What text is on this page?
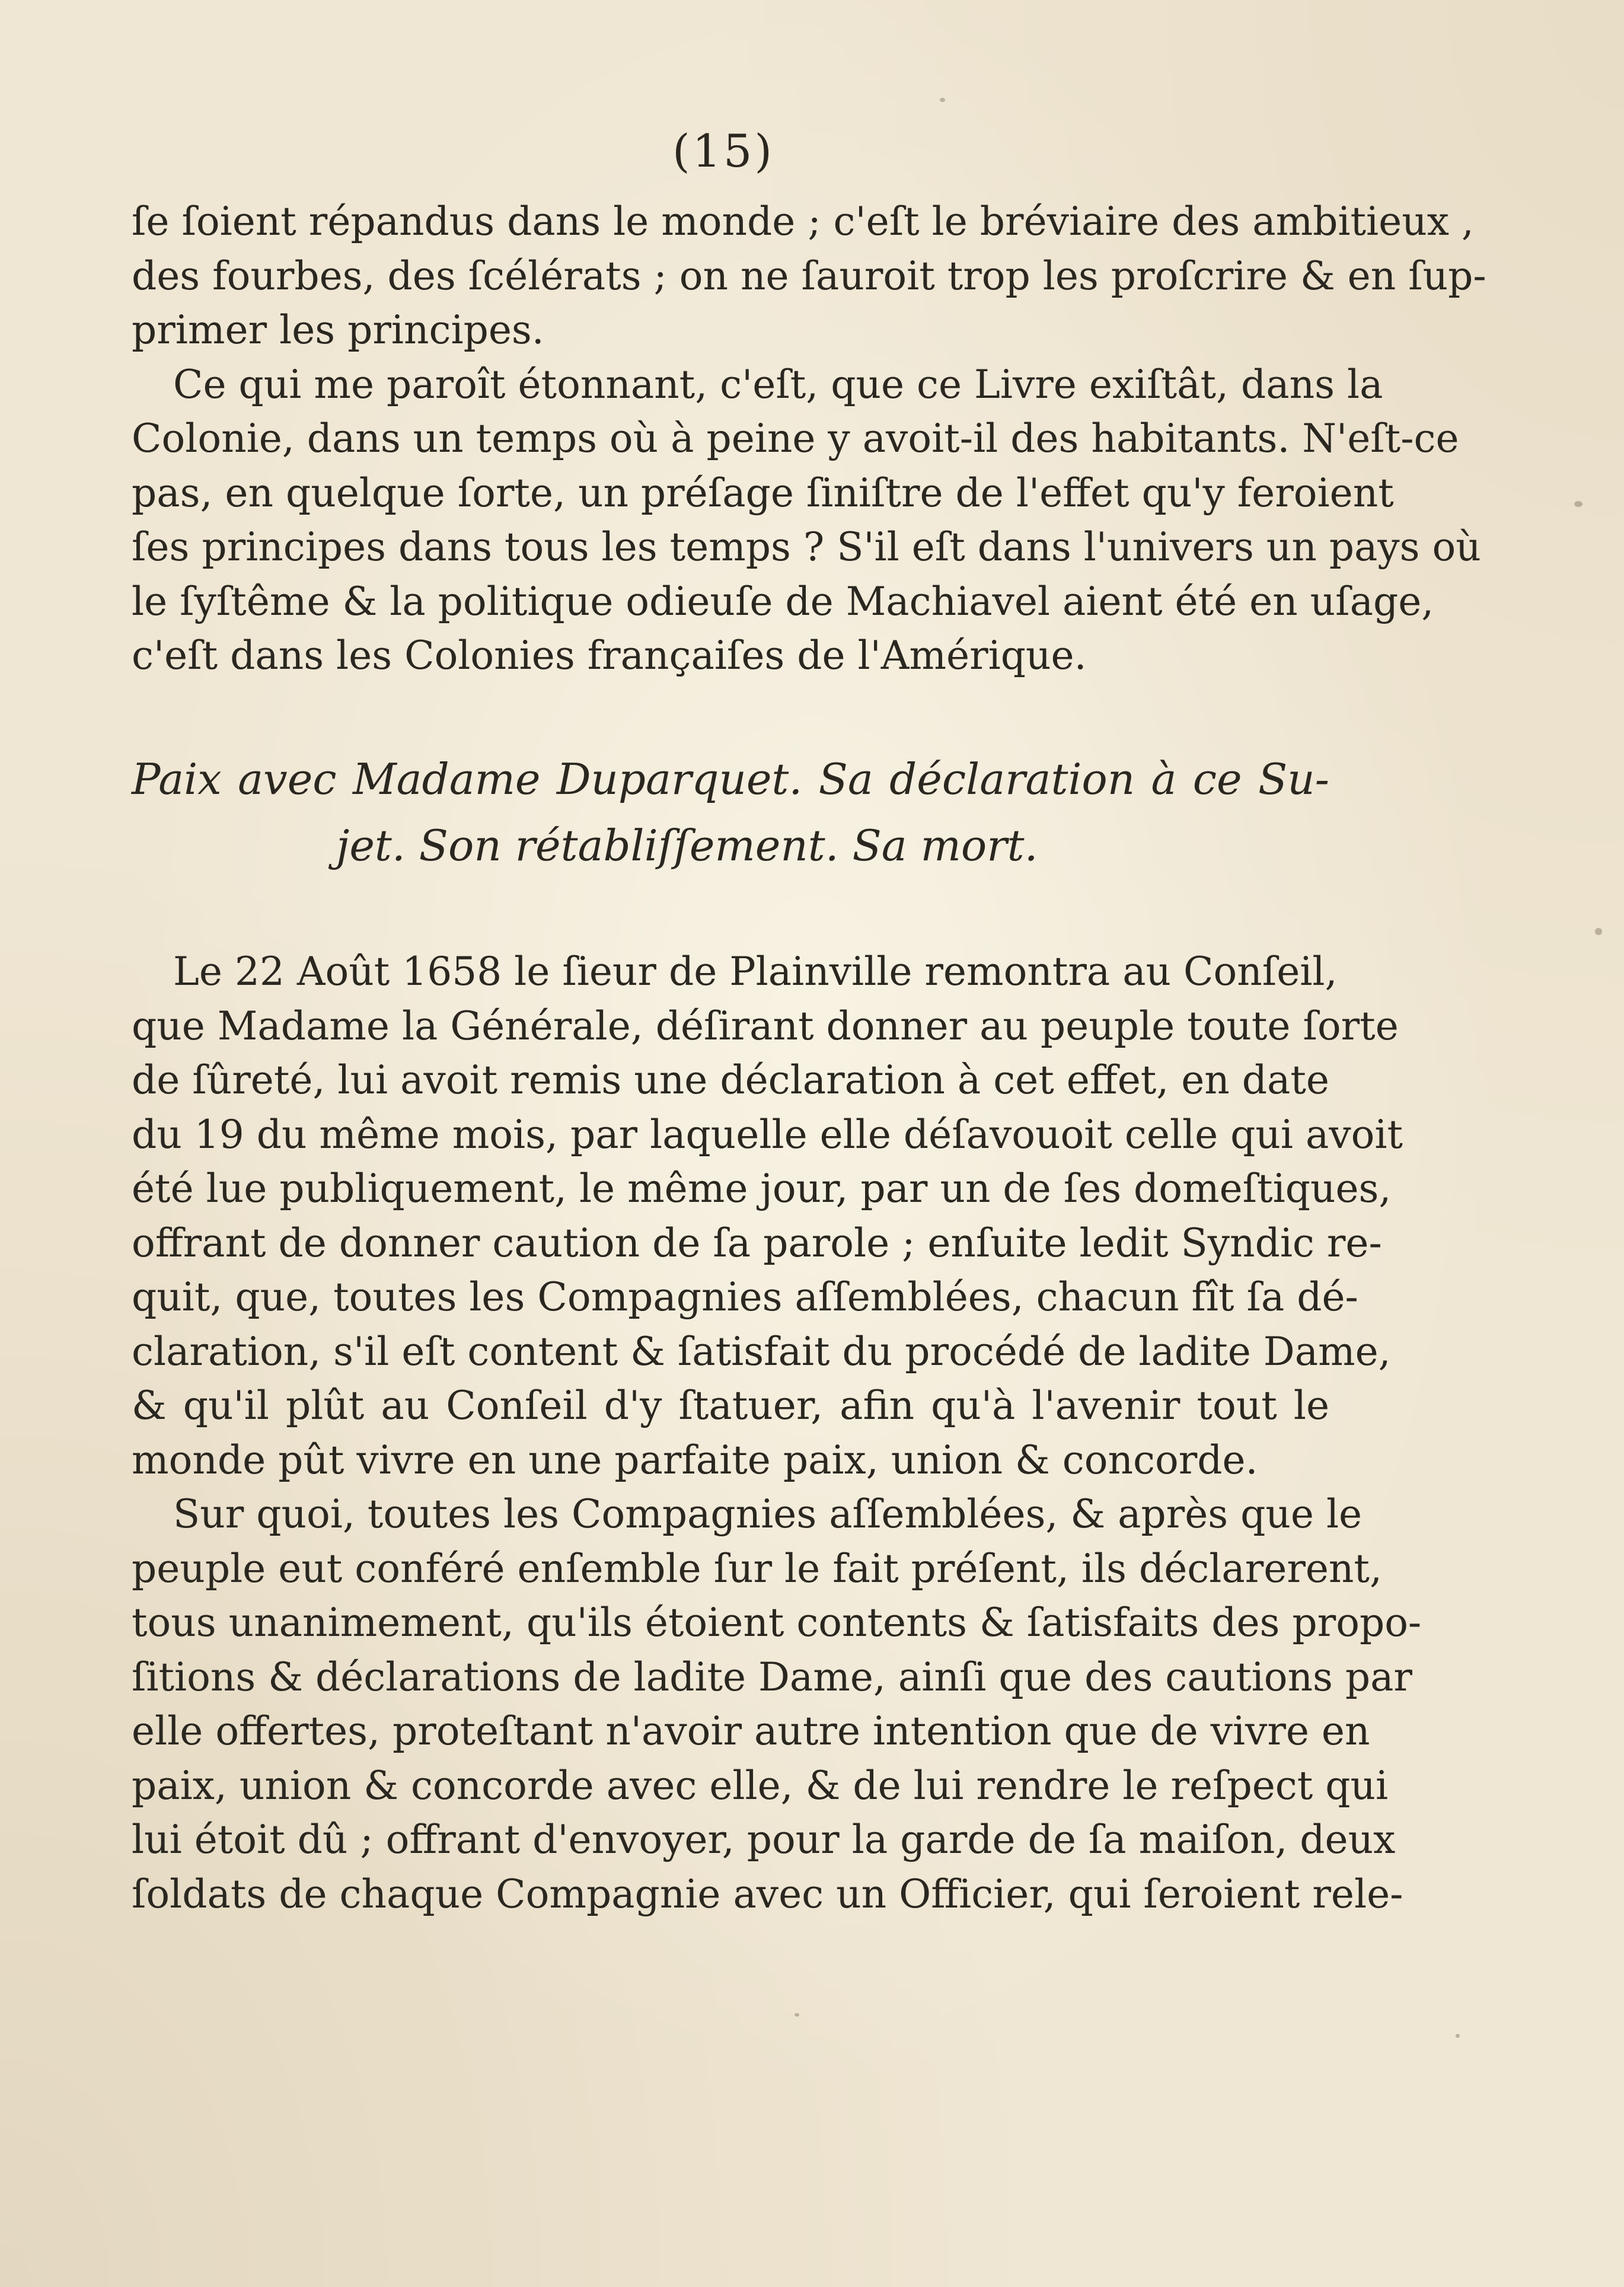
(15)
ſe ſoient répandus dans le monde ; c'eſt le bréviaire des ambitieux ,
des fourbes, des ſcélérats ; on ne ſauroit trop les proſcrire & en ſup-
primer les principes.
Ce qui me paroît étonnant, c'eſt, que ce Livre exiſtât, dans la
Colonie, dans un temps où à peine y avoit-il des habitants. N'eſt-ce
pas, en quelque ſorte, un préſage ſiniſtre de l'effet qu'y feroient
ſes principes dans tous les temps ? S'il eſt dans l'univers un pays où
le ſyſtême & la politique odieuſe de Machiavel aient été en uſage,
c'eſt dans les Colonies françaiſes de l'Amérique.
Paix avec Madame Duparquet. Sa déclaration à ce Su-
jet. Son rétabliſſement. Sa mort.
Le 22 Août 1658 le ſieur de Plainville remontra au Conſeil,
que Madame la Générale, déſirant donner au peuple toute ſorte
de ſûreté, lui avoit remis une déclaration à cet effet, en date
du 19 du même mois, par laquelle elle déſavouoit celle qui avoit
été lue publiquement, le même jour, par un de ſes domeſtiques,
offrant de donner caution de ſa parole ; enſuite ledit Syndic re-
quit, que, toutes les Compagnies aſſemblées, chacun fît ſa dé-
claration, s'il eſt content & ſatisfait du procédé de ladite Dame,
& qu'il plût au Conſeil d'y ſtatuer, afin qu'à l'avenir tout le
monde pût vivre en une parfaite paix, union & concorde.
Sur quoi, toutes les Compagnies aſſemblées, & après que le
peuple eut conféré enſemble ſur le fait préſent, ils déclarerent,
tous unanimement, qu'ils étoient contents & ſatisfaits des propo-
ſitions & déclarations de ladite Dame, ainſi que des cautions par
elle offertes, proteſtant n'avoir autre intention que de vivre en
paix, union & concorde avec elle, & de lui rendre le reſpect qui
lui étoit dû ; offrant d'envoyer, pour la garde de ſa maiſon, deux
ſoldats de chaque Compagnie avec un Officier, qui ſeroient rele-
